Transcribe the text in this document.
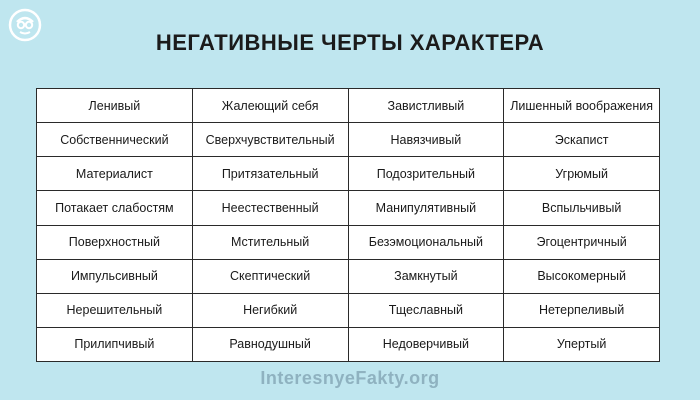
НЕГАТИВНЫЕ ЧЕРТЫ ХАРАКТЕРА
Ленивый	Жалеющий себя	Завистливый	Лишенный воображения
Собственнический	Сверхчувствительный	Навязчивый	Эскапист
Материалист	Притязательный	Подозрительный	Угрюмый
Потакает слабостям	Неестественный	Манипулятивный	Вспыльчивый
Поверхностный	Мстительный	Безэмоциональный	Эгоцентричный
Импульсивный	Скептический	Замкнутый	Высокомерный
Нерешительный	Негибкий	Тщеславный	Нетерпеливый
Прилипчивый	Равнодушный	Недоверчивый	Упертый
InteresnyeFakty.org
